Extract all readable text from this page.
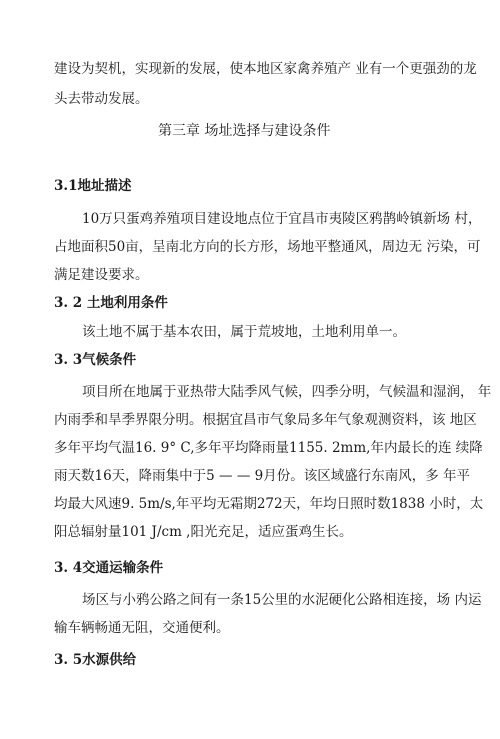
建设为契机，实现新的发展，使本地区家禽养殖产 业有一个更强劲的龙
头去带动发展。
第三章 场址选择与建设条件
3.1地址描述
10万只蛋鸡养殖项目建设地点位于宜昌市夷陵区鸦鹊岭镇新场 村，
占地面积50亩，呈南北方向的长方形，场地平整通风，周边无 污染，可
满足建设要求。
3. 2 土地利用条件
该土地不属于基本农田，属于荒坡地，土地利用单一。
3. 3气候条件
项目所在地属于亚热带大陆季风气候，四季分明，气候温和湿润， 年
内雨季和旱季界限分明。根据宜昌市气象局多年气象观测资料，该 地区
多年平均气温16. 9° C,多年平均降雨量1155. 2mm,年内最长的连 续降
雨天数16天，降雨集中于5 — — 9月份。该区域盛行东南风，多 年平
均最大风速9. 5m/s,年平均无霜期272天，年均日照时数1838 小时，太
阳总辐射量101 J/cm ,阳光充足，适应蛋鸡生长。
3. 4交通运输条件
场区与小鸦公路之间有一条15公里的水泥硬化公路相连接，场 内运
输车辆畅通无阻，交通便利。
3. 5水源供给
